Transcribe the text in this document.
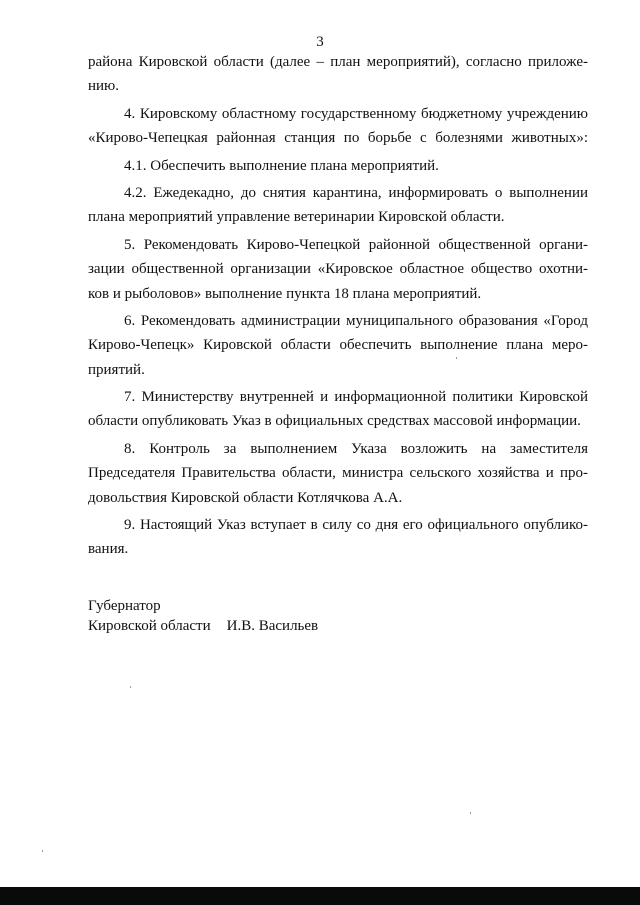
3
района Кировской области (далее – план мероприятий), согласно приложе-
нию.
4. Кировскому областному государственному бюджетному учреждению
«Кирово-Чепецкая районная станция по борьбе с болезнями животных»:
4.1. Обеспечить выполнение плана мероприятий.
4.2. Ежедекадно, до снятия карантина, информировать о выполнении
плана мероприятий управление ветеринарии Кировской области.
5. Рекомендовать Кирово-Чепецкой районной общественной органи-
зации общественной организации «Кировское областное общество охотни-
ков и рыболовов» выполнение пункта 18 плана мероприятий.
6. Рекомендовать администрации муниципального образования «Город
Кирово-Чепецк» Кировской области обеспечить выполнение плана меро-
приятий.
7. Министерству внутренней и информационной политики Кировской
области опубликовать Указ в официальных средствах массовой информации.
8. Контроль за выполнением Указа возложить на заместителя
Председателя Правительства области, министра сельского хозяйства и про-
довольствия Кировской области Котлячкова А.А.
9. Настоящий Указ вступает в силу со дня его официального опублико-
вания.
Губернатор
Кировской области И.В. Васильев
